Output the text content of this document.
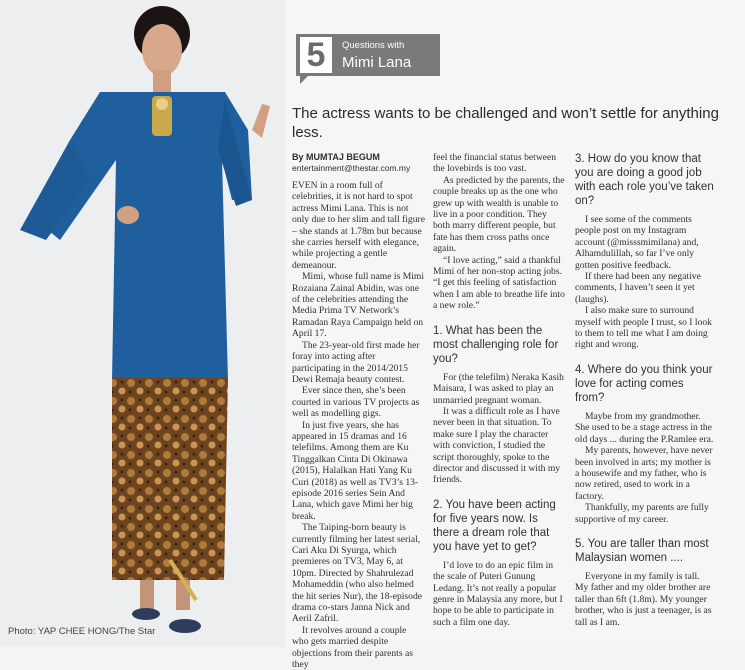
Photo: YAP CHEE HONG/The Star
5	Questions with
Mimi Lana
The actress wants to be challenged and won’t settle for anything less.
By MUMTAJ BEGUM
entertainment@thestar.com.my

EVEN in a room full of celebrities, it is not hard to spot actress Mimi Lana. This is not only due to her slim and tall figure – she stands at 1.78m but because she carries herself with elegance, while projecting a gentle demeanour.

Mimi, whose full name is Mimi Rozaiana Zainal Abidin, was one of the celebrities attending the Media Prima TV Network’s Ramadan Raya Campaign held on April 17.

The 23-year-old first made her foray into acting after participating in the 2014/2015 Dewi Remaja beauty contest.

Ever since then, she’s been courted in various TV projects as well as modelling gigs.

In just five years, she has appeared in 15 dramas and 16 telefilms. Among them are Ku Tinggalkan Cinta Di Okinawa (2015), Halalkan Hati Yang Ku Curi (2018) as well as TV3’s 13-episode 2016 series Sein And Lana, which gave Mimi her big break.

The Taiping-born beauty is currently filming her latest serial, Cari Aku Di Syurga, which premieres on TV3, May 6, at 10pm. Directed by Shahrulezad Mohameddin (who also helmed the hit series Nur), the 18-episode drama co-stars Janna Nick and Aeril Zafril.

It revolves around a couple who gets married despite objections from their parents as they

feel the financial status between the lovebirds is too vast.

As predicted by the parents, the couple breaks up as the one who grew up with wealth is unable to live in a poor condition. They both marry different people, but fate has them cross paths once again.

“I love acting,” said a thankful Mimi of her non-stop acting jobs. “I get this feeling of satisfaction when I am able to breathe life into a new role.”

1. What has been the most challenging role for you?

For (the telefilm) Neraka Kasih Maisara, I was asked to play an unmarried pregnant woman.

It was a difficult role as I have never been in that situation. To make sure I play the character with conviction, I studied the script thoroughly, spoke to the director and discussed it with my friends.

2. You have been acting for five years now. Is there a dream role that you have yet to get?

I’d love to do an epic film in the scale of Puteri Gunung Ledang. It’s not really a popular genre in Malaysia any more, but I hope to be able to participate in such a film one day.

3. How do you know that you are doing a good job with each role you’ve taken on?

I see some of the comments people post on my Instagram account (@misssmimilana) and, Alhamdulillah, so far I’ve only gotten positive feedback.

If there had been any negative comments, I haven’t seen it yet (laughs).

I also make sure to surround myself with people I trust, so I look to them to tell me what I am doing right and wrong.

4. Where do you think your love for acting comes from?

Maybe from my grandmother. She used to be a stage actress in the old days ... during the P.Ramlee era.

My parents, however, have never been involved in arts; my mother is a housewife and my father, who is now retired, used to work in a factory.

Thankfully, my parents are fully supportive of my career.

5. You are taller than most Malaysian women ....

Everyone in my family is tall. My father and my older brother are taller than 6ft (1.8m). My younger brother, who is just a teenager, is as tall as I am.
